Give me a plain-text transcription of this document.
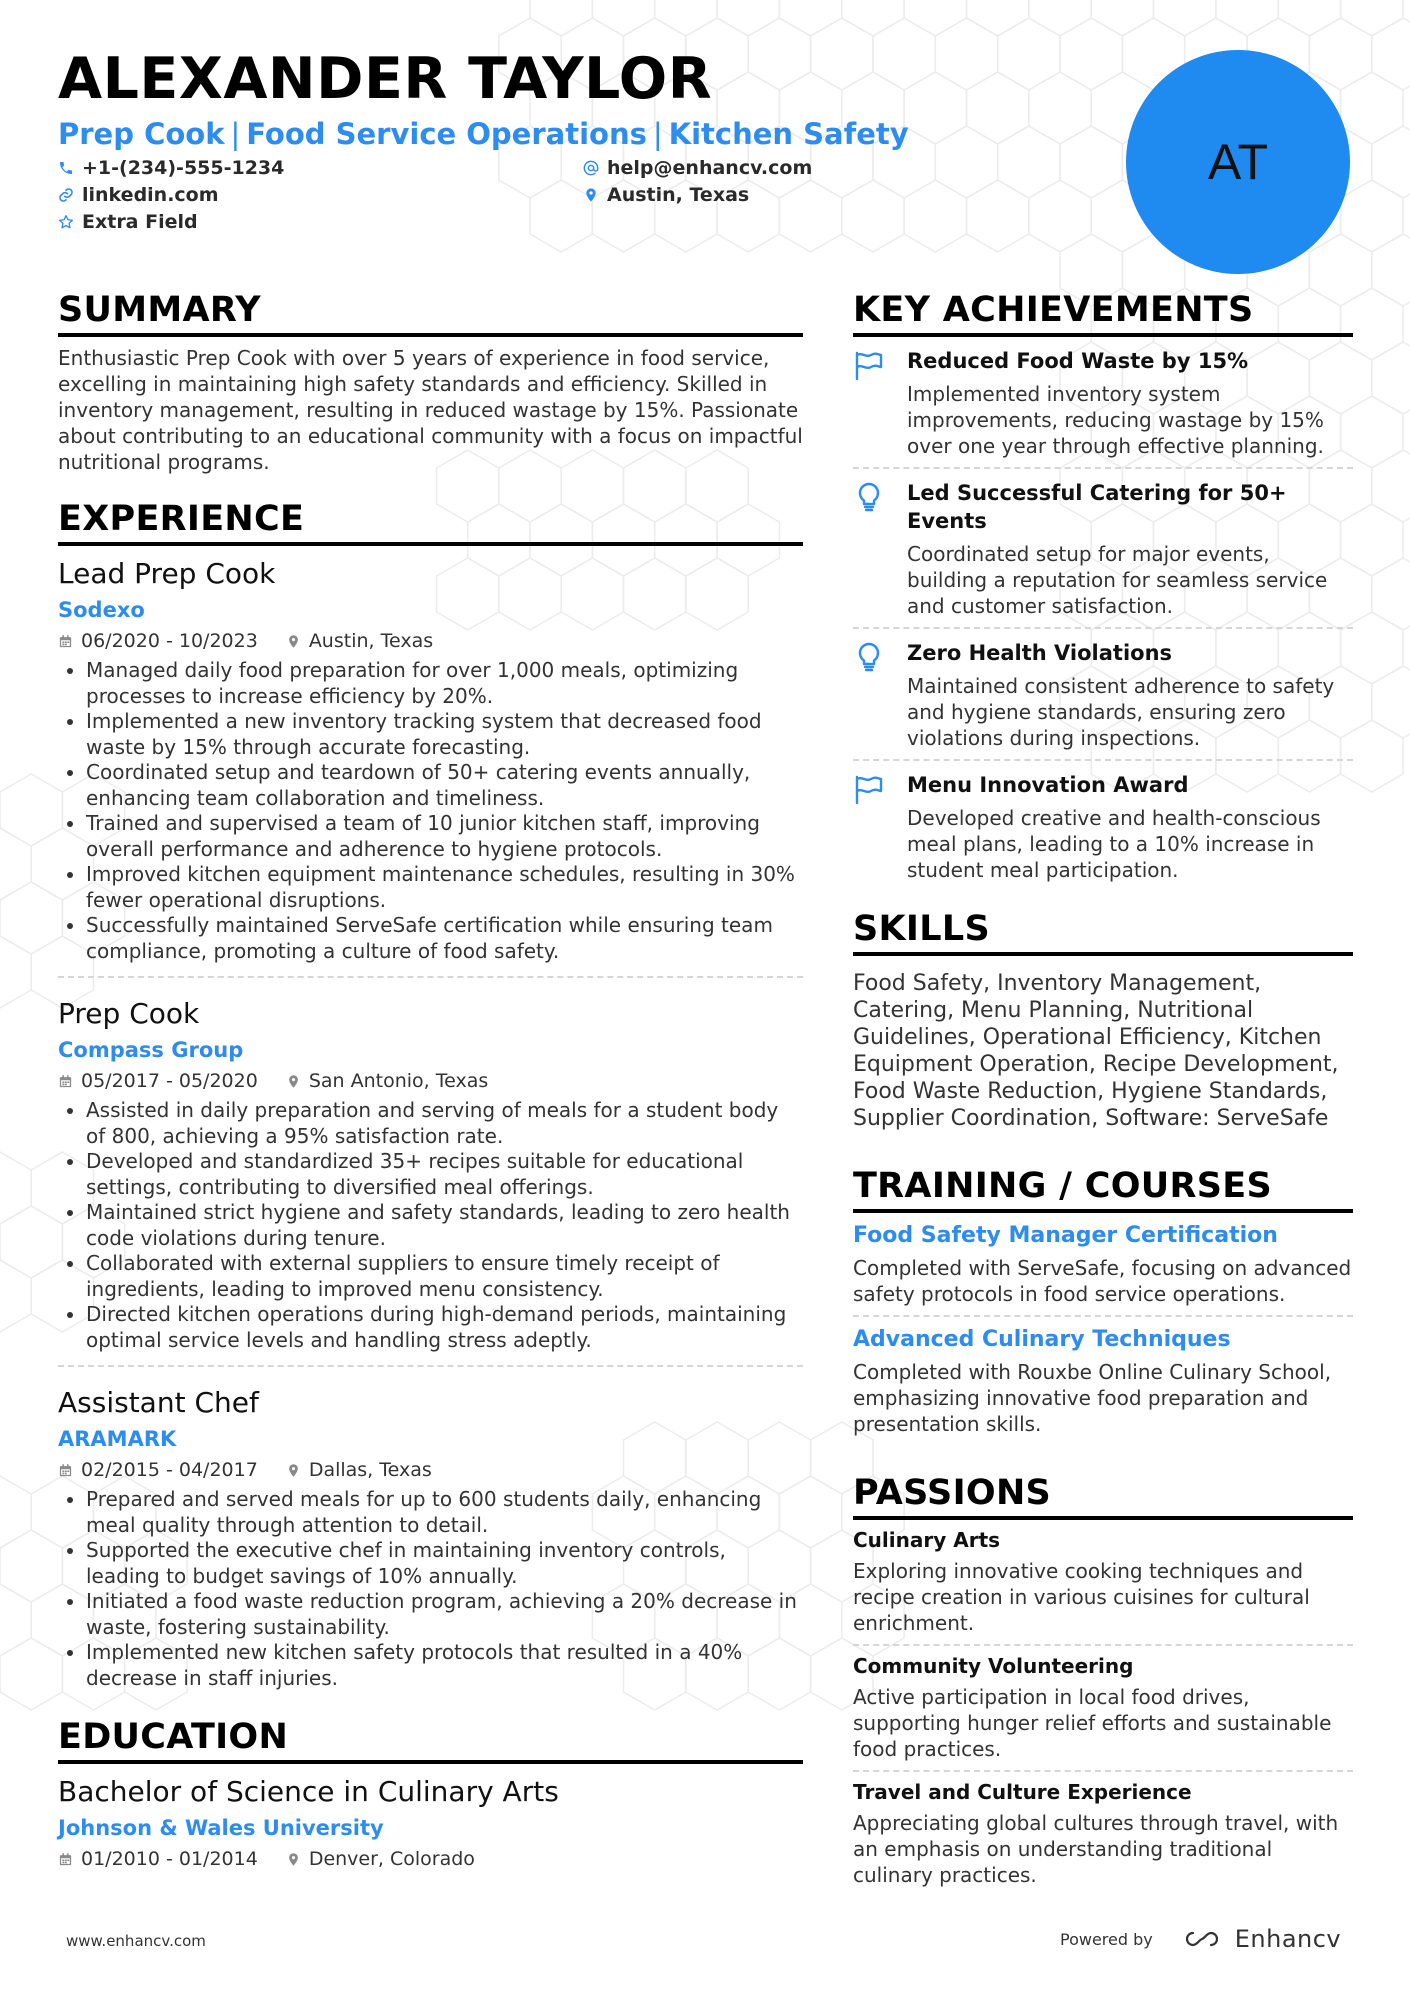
ALEXANDER TAYLOR
Prep Cook | Food Service Operations | Kitchen Safety
+1-(234)-555-1234
linkedin.com
Extra Field
help@enhancv.com
Austin, Texas
AT
SUMMARY

Enthusiastic Prep Cook with over 5 years of experience in food service, excelling in maintaining high safety standards and efficiency. Skilled in inventory management, resulting in reduced wastage by 15%. Passionate about contributing to an educational community with a focus on impactful nutritional programs.

EXPERIENCE
Lead Prep Cook
Sodexo
06/2020 - 10/2023	Austin, Texas
• Managed daily food preparation for over 1,000 meals, optimizing processes to increase efficiency by 20%.
• Implemented a new inventory tracking system that decreased food waste by 15% through accurate forecasting.
• Coordinated setup and teardown of 50+ catering events annually, enhancing team collaboration and timeliness.
• Trained and supervised a team of 10 junior kitchen staff, improving overall performance and adherence to hygiene protocols.
• Improved kitchen equipment maintenance schedules, resulting in 30% fewer operational disruptions.
• Successfully maintained ServeSafe certification while ensuring team compliance, promoting a culture of food safety.
Prep Cook
Compass Group
05/2017 - 05/2020	San Antonio, Texas
• Assisted in daily preparation and serving of meals for a student body of 800, achieving a 95% satisfaction rate.
• Developed and standardized 35+ recipes suitable for educational settings, contributing to diversified meal offerings.
• Maintained strict hygiene and safety standards, leading to zero health code violations during tenure.
• Collaborated with external suppliers to ensure timely receipt of ingredients, leading to improved menu consistency.
• Directed kitchen operations during high-demand periods, maintaining optimal service levels and handling stress adeptly.
Assistant Chef
ARAMARK
02/2015 - 04/2017	Dallas, Texas
• Prepared and served meals for up to 600 students daily, enhancing meal quality through attention to detail.
• Supported the executive chef in maintaining inventory controls, leading to budget savings of 10% annually.
• Initiated a food waste reduction program, achieving a 20% decrease in waste, fostering sustainability.
• Implemented new kitchen safety protocols that resulted in a 40% decrease in staff injuries.
EDUCATION
Bachelor of Science in Culinary Arts
Johnson & Wales University
01/2010 - 01/2014	Denver, Colorado
KEY ACHIEVEMENTS
Reduced Food Waste by 15%
Implemented inventory system improvements, reducing wastage by 15% over one year through effective planning.
Led Successful Catering for 50+ Events
Coordinated setup for major events, building a reputation for seamless service and customer satisfaction.
Zero Health Violations
Maintained consistent adherence to safety and hygiene standards, ensuring zero violations during inspections.
Menu Innovation Award
Developed creative and health-conscious meal plans, leading to a 10% increase in student meal participation.
SKILLS
Food Safety, Inventory Management, Catering, Menu Planning, Nutritional Guidelines, Operational Efficiency, Kitchen Equipment Operation, Recipe Development, Food Waste Reduction, Hygiene Standards, Supplier Coordination, Software: ServeSafe
TRAINING / COURSES
Food Safety Manager Certification
Completed with ServeSafe, focusing on advanced safety protocols in food service operations.
Advanced Culinary Techniques
Completed with Rouxbe Online Culinary School, emphasizing innovative food preparation and presentation skills.
PASSIONS
Culinary Arts
Exploring innovative cooking techniques and recipe creation in various cuisines for cultural enrichment.
Community Volunteering
Active participation in local food drives, supporting hunger relief efforts and sustainable food practices.
Travel and Culture Experience
Appreciating global cultures through travel, with an emphasis on understanding traditional culinary practices.
www.enhancv.com	Powered by	Enhancv
